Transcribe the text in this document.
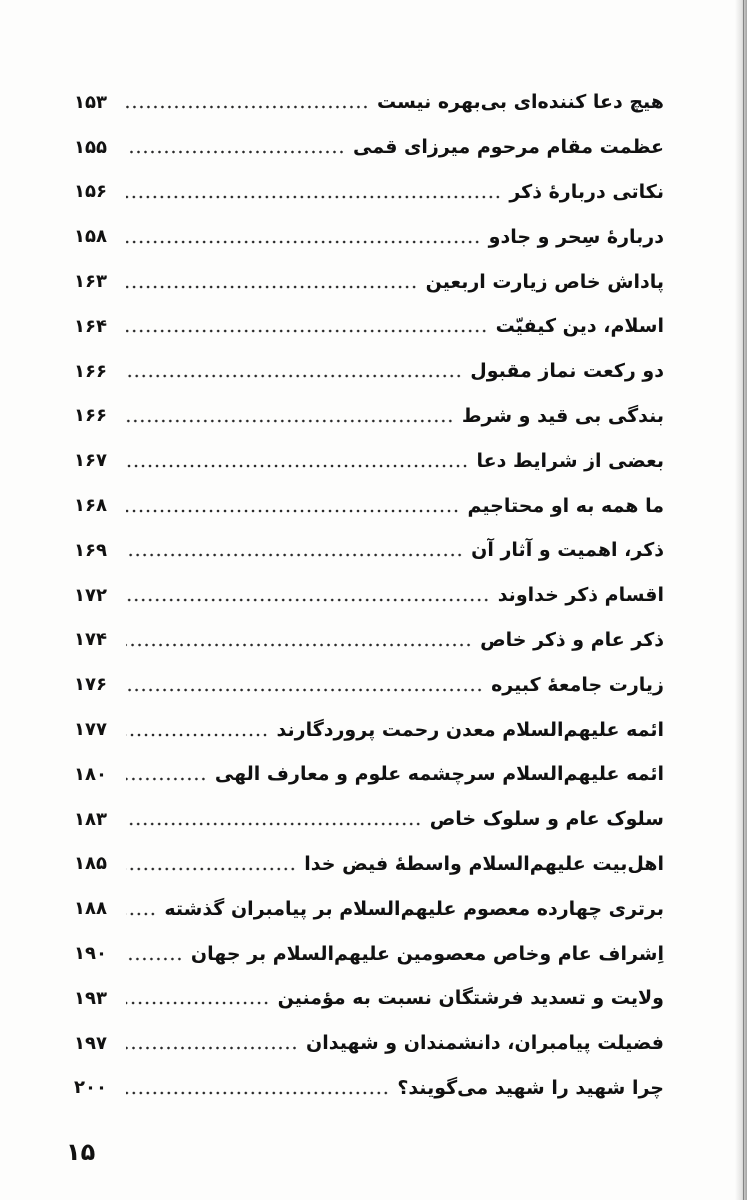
هیچ دعا کننده‌ای بی‌بهره نیست
۱۵۳
عظمت مقام مرحوم میرزای قمی
۱۵۵
نکاتی دربارهٔ ذکر
۱۵۶
دربارهٔ سِحر و جادو
۱۵۸
پاداش خاص زیارت اربعین
۱۶۳
اسلام، دین کیفیّت
۱۶۴
دو رکعت نماز مقبول
۱۶۶
بندگی بی قید و شرط
۱۶۶
بعضی از شرایط دعا
۱۶۷
ما همه به او محتاجیم
۱۶۸
ذکر، اهمیت و آثار آن
۱۶۹
اقسام ذکر خداوند
۱۷۲
ذکر عام و ذکر خاص
۱۷۴
زیارت جامعهٔ کبیره
۱۷۶
ائمه علیهم‌السلام معدن رحمت پروردگارند
۱۷۷
ائمه علیهم‌السلام سرچشمه علوم و معارف الهی
۱۸۰
سلوک عام و سلوک خاص
۱۸۳
اهل‌بیت علیهم‌السلام واسطهٔ فیض خدا
۱۸۵
برتری چهارده معصوم علیهم‌السلام بر پیامبران گذشته
۱۸۸
اِشراف عام وخاص معصومین علیهم‌السلام بر جهان
۱۹۰
ولایت و تسدید فرشتگان نسبت به مؤمنین
۱۹۳
فضیلت پیامبران، دانشمندان و شهیدان
۱۹۷
چرا شهید را شهید می‌گویند؟
۲۰۰
۱۵
